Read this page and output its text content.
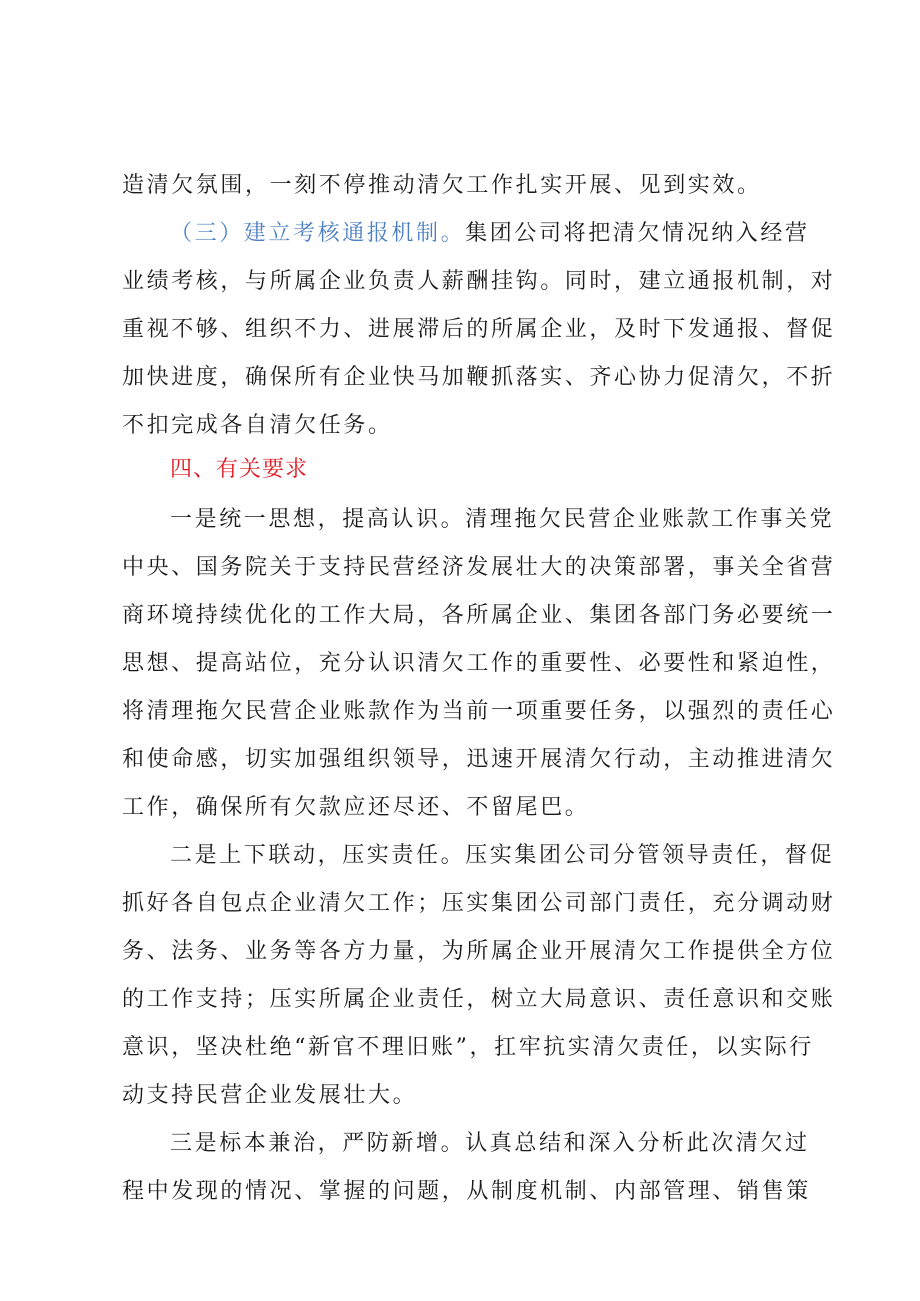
造清欠氛围，一刻不停推动清欠工作扎实开展、见到实效。
（三）建立考核通报机制。集团公司将把清欠情况纳入经营
业绩考核，与所属企业负责人薪酬挂钩。同时，建立通报机制，对
重视不够、组织不力、进展滞后的所属企业，及时下发通报、督促
加快进度，确保所有企业快马加鞭抓落实、齐心协力促清欠，不折
不扣完成各自清欠任务。
四、有关要求
一是统一思想，提高认识。清理拖欠民营企业账款工作事关党
中央、国务院关于支持民营经济发展壮大的决策部署，事关全省营
商环境持续优化的工作大局，各所属企业、集团各部门务必要统一
思想、提高站位，充分认识清欠工作的重要性、必要性和紧迫性，
将清理拖欠民营企业账款作为当前一项重要任务，以强烈的责任心
和使命感，切实加强组织领导，迅速开展清欠行动，主动推进清欠
工作，确保所有欠款应还尽还、不留尾巴。
二是上下联动，压实责任。压实集团公司分管领导责任，督促
抓好各自包点企业清欠工作；压实集团公司部门责任，充分调动财
务、法务、业务等各方力量，为所属企业开展清欠工作提供全方位
的工作支持；压实所属企业责任，树立大局意识、责任意识和交账
意识，坚决杜绝“新官不理旧账”，扛牢抗实清欠责任，以实际行
动支持民营企业发展壮大。
三是标本兼治，严防新增。认真总结和深入分析此次清欠过
程中发现的情况、掌握的问题，从制度机制、内部管理、销售策
